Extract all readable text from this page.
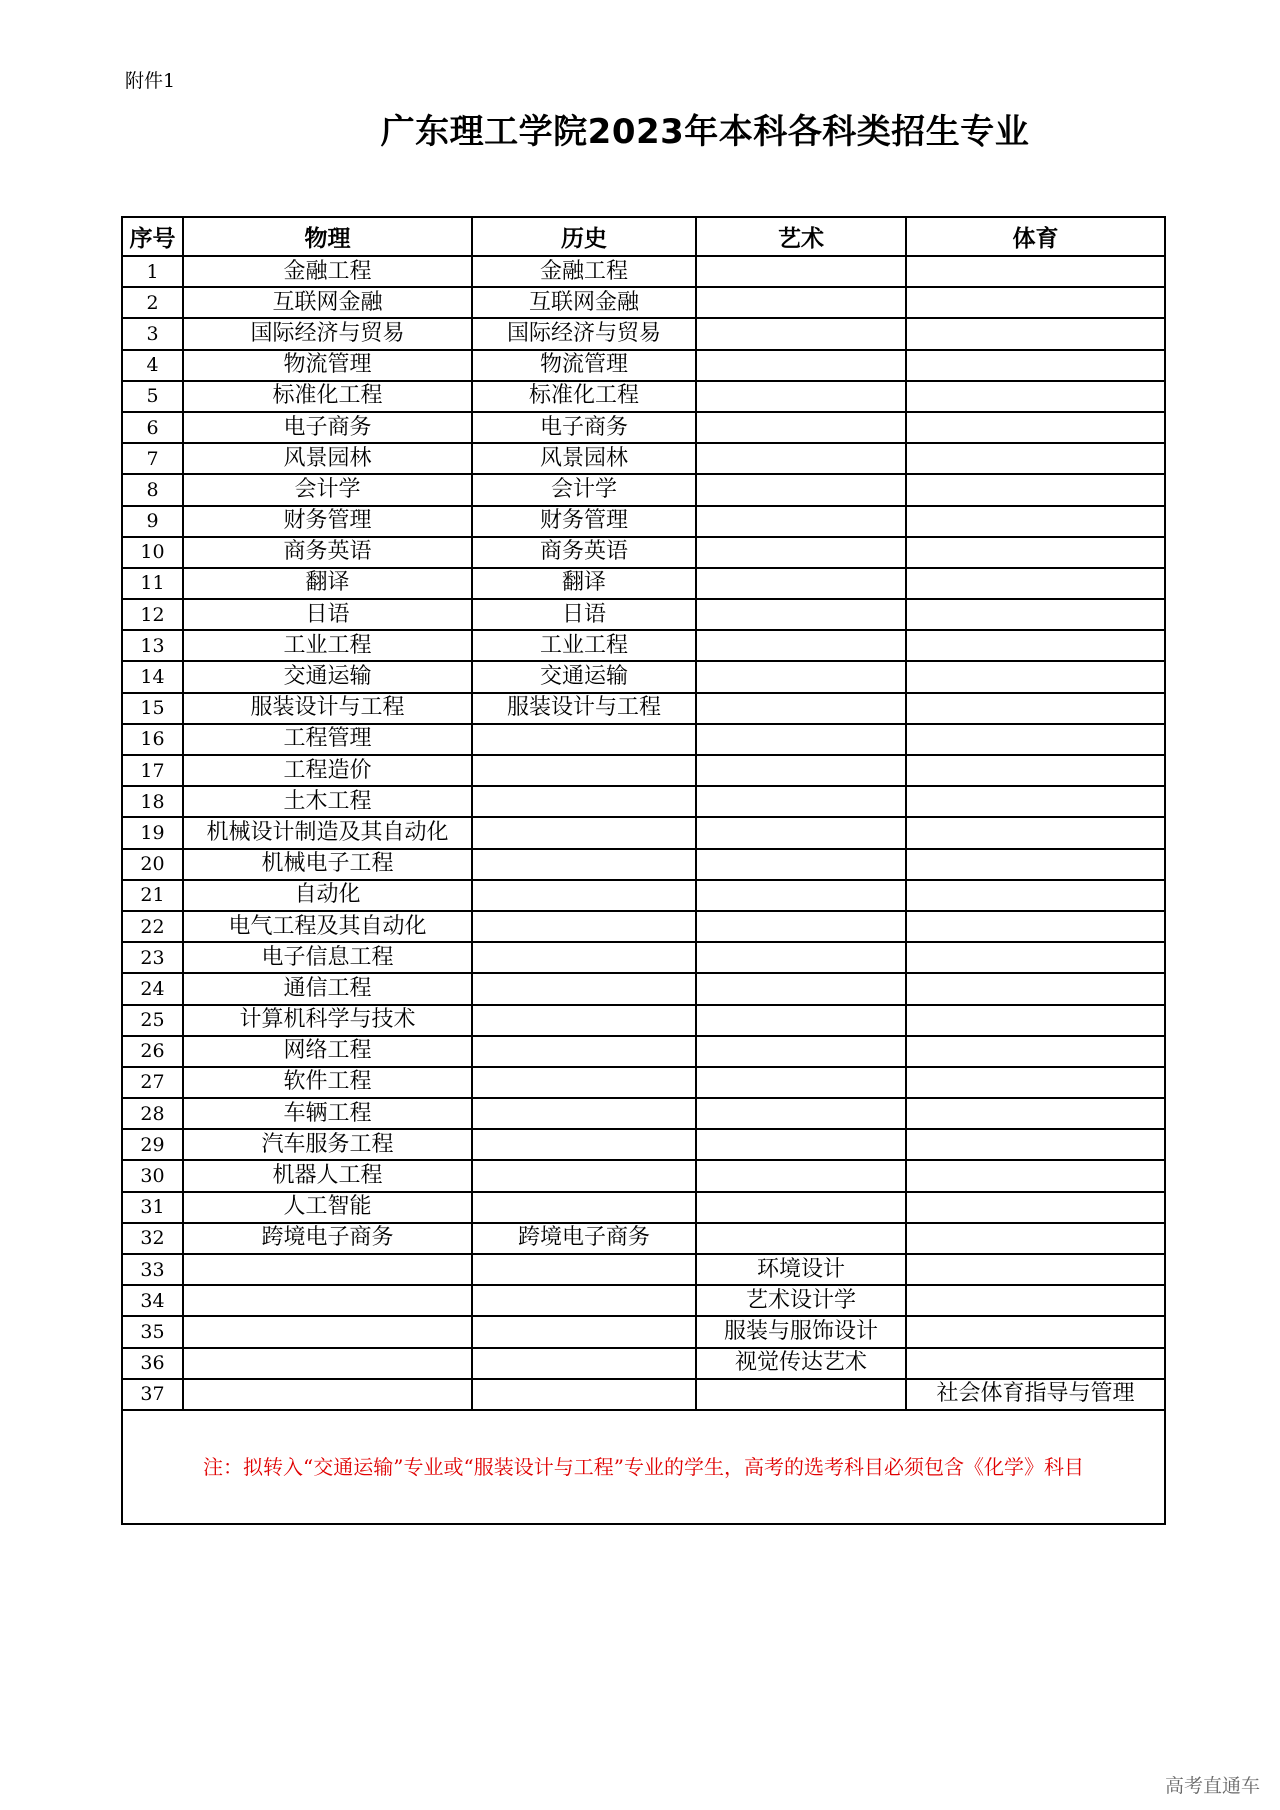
附件1
广东理工学院2023年本科各科类招生专业
序号	物理	历史	艺术	体育
1	金融工程	金融工程		
2	互联网金融	互联网金融		
3	国际经济与贸易	国际经济与贸易		
4	物流管理	物流管理		
5	标准化工程	标准化工程		
6	电子商务	电子商务		
7	风景园林	风景园林		
8	会计学	会计学		
9	财务管理	财务管理		
10	商务英语	商务英语		
11	翻译	翻译		
12	日语	日语		
13	工业工程	工业工程		
14	交通运输	交通运输		
15	服装设计与工程	服装设计与工程		
16	工程管理			
17	工程造价			
18	土木工程			
19	机械设计制造及其自动化			
20	机械电子工程			
21	自动化			
22	电气工程及其自动化			
23	电子信息工程			
24	通信工程			
25	计算机科学与技术			
26	网络工程			
27	软件工程			
28	车辆工程			
29	汽车服务工程			
30	机器人工程			
31	人工智能			
32	跨境电子商务	跨境电子商务		
33			环境设计	
34			艺术设计学	
35			服装与服饰设计	
36			视觉传达艺术	
37				社会体育指导与管理
注：拟转入“交通运输”专业或“服装设计与工程”专业的学生，高考的选考科目必须包含《化学》科目				
高考直通车
